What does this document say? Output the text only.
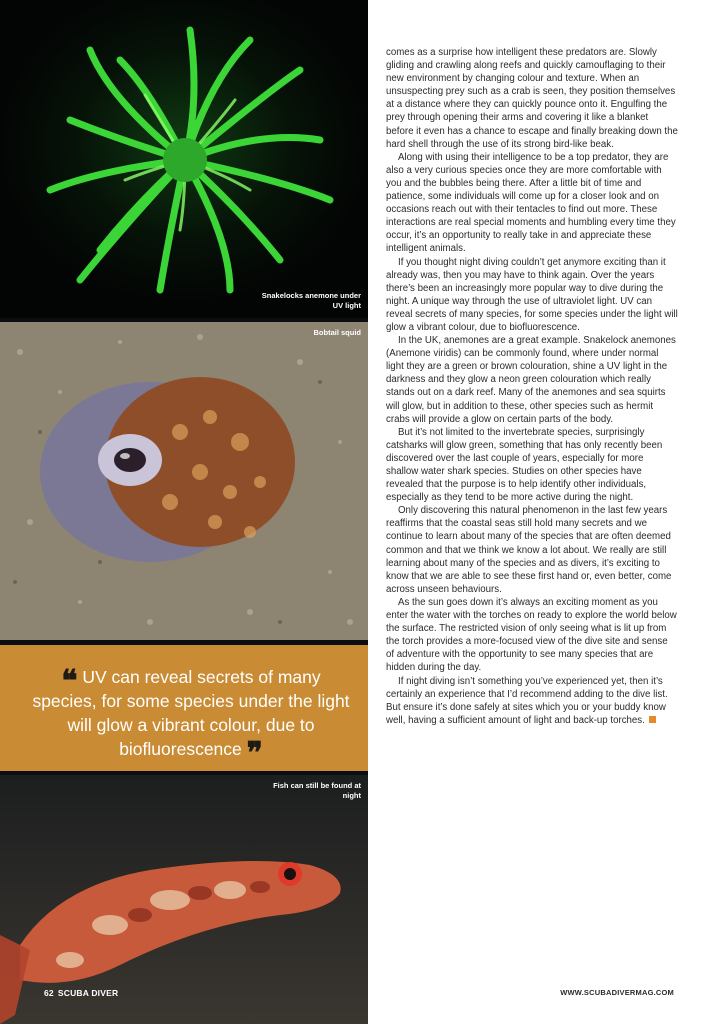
Snakelocks anemone under UV light
Bobtail squid
❝ UV can reveal secrets of many species, for some species under the light will glow a vibrant colour, due to biofluorescence ❞
Fish can still be found at night
62 SCUBA DIVER

comes as a surprise how intelligent these predators are. Slowly gliding and crawling along reefs and quickly camouflaging to their new environment by changing colour and texture. When an unsuspecting prey such as a crab is seen, they position themselves at a distance where they can quickly pounce onto it. Engulfing the prey through opening their arms and covering it like a blanket before it even has a chance to escape and finally breaking down the hard shell through the use of its strong bird-like beak.

Along with using their intelligence to be a top predator, they are also a very curious species once they are more comfortable with you and the bubbles being there. After a little bit of time and patience, some individuals will come up for a closer look and on occasions reach out with their tentacles to find out more. These interactions are real special moments and humbling every time they occur, it’s an opportunity to really take in and appreciate these intelligent animals.

If you thought night diving couldn’t get anymore exciting than it already was, then you may have to think again. Over the years there’s been an increasingly more popular way to dive during the night. A unique way through the use of ultraviolet light. UV can reveal secrets of many species, for some species under the light will glow a vibrant colour, due to biofluorescence.

In the UK, anemones are a great example. Snakelock anemones (Anemone viridis) can be commonly found, where under normal light they are a green or brown colouration, shine a UV light in the darkness and they glow a neon green colouration which really stands out on a dark reef. Many of the anemones and sea squirts will glow, but in addition to these, other species such as hermit crabs will provide a glow on certain parts of the body.

But it’s not limited to the invertebrate species, surprisingly catsharks will glow green, something that has only recently been discovered over the last couple of years, especially for more shallow water shark species. Studies on other species have revealed that the purpose is to help identify other individuals, especially as they tend to be more active during the night.

Only discovering this natural phenomenon in the last few years reaffirms that the coastal seas still hold many secrets and we continue to learn about many of the species that are often deemed common and that we think we know a lot about. We really are still learning about many of the species and as divers, it’s exciting to know that we are able to see these first hand or, even better, come across unseen behaviours.

As the sun goes down it’s always an exciting moment as you enter the water with the torches on ready to explore the world below the surface. The restricted vision of only seeing what is lit up from the torch provides a more-focused view of the dive site and sense of adventure with the opportunity to see many species that are hidden during the day.

If night diving isn’t something you’ve experienced yet, then it’s certainly an experience that I’d recommend adding to the dive list. But ensure it’s done safely at sites which you or your buddy know well, having a sufficient amount of light and back-up torches.

WWW.SCUBADIVERMAG.COM
